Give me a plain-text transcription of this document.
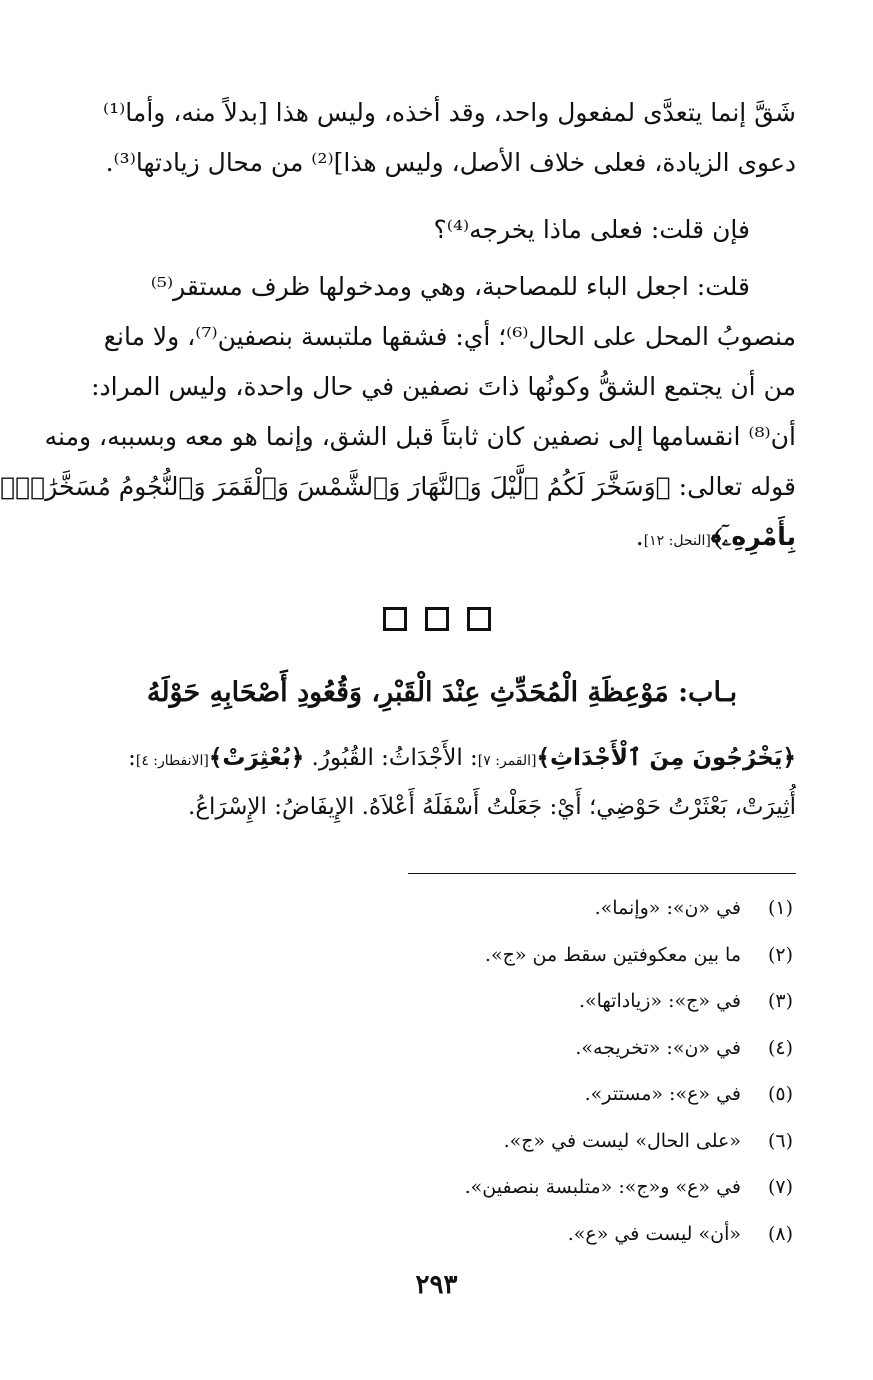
شَقَّ إنما يتعدَّى لمفعول واحد، وقد أخذه، وليس هذا [بدلاً منه، وأما⁽¹⁾
دعوى الزيادة، فعلى خلاف الأصل، وليس هذا]⁽²⁾ من محال زيادتها⁽³⁾.
فإن قلت: فعلى ماذا يخرجه⁽⁴⁾؟
قلت: اجعل الباء للمصاحبة، وهي ومدخولها ظرف مستقر⁽⁵⁾
منصوبُ المحل على الحال⁽⁶⁾؛ أي: فشقها ملتبسة بنصفين⁽⁷⁾، ولا مانع
من أن يجتمع الشقُّ وكونُها ذاتَ نصفين في حال واحدة، وليس المراد:
أن⁽⁸⁾ انقسامها إلى نصفين كان ثابتاً قبل الشق، وإنما هو معه وبسببه، ومنه
قوله تعالى: ﴿وَسَخَّرَ لَكُمُ ٱلَّيْلَ وَٱلنَّهَارَ وَٱلشَّمْسَ وَٱلْقَمَرَ وَٱلنُّجُومُ مُسَخَّرَٰتٌۢ
بِأَمْرِهِۦٓ﴾[النحل: ١٢].
بـاب: مَوْعِظَةِ الْمُحَدِّثِ عِنْدَ الْقَبْرِ، وَقُعُودِ أَصْحَابِهِ حَوْلَهُ
﴿يَخْرُجُونَ مِنَ ٱلْأَجْدَاثِ﴾[القمر: ٧]: الأَجْدَاثُ: القُبُورُ. ﴿بُعْثِرَتْ﴾[الانفطار: ٤]:
أُثِيرَتْ، بَعْثَرْتُ حَوْضِي؛ أَيْ: جَعَلْتُ أَسْفَلَهُ أَعْلاَهُ. الإِيفَاضُ: الإِسْرَاعُ.
(١)
في «ن»: «وإنما».
(٢)
ما بين معكوفتين سقط من «ج».
(٣)
في «ج»: «زياداتها».
(٤)
في «ن»: «تخريجه».
(٥)
في «ع»: «مستتر».
(٦)
«على الحال» ليست في «ج».
(٧)
في «ع» و«ج»: «متلبسة بنصفين».
(٨)
«أن» ليست في «ع».
٢٩٣
